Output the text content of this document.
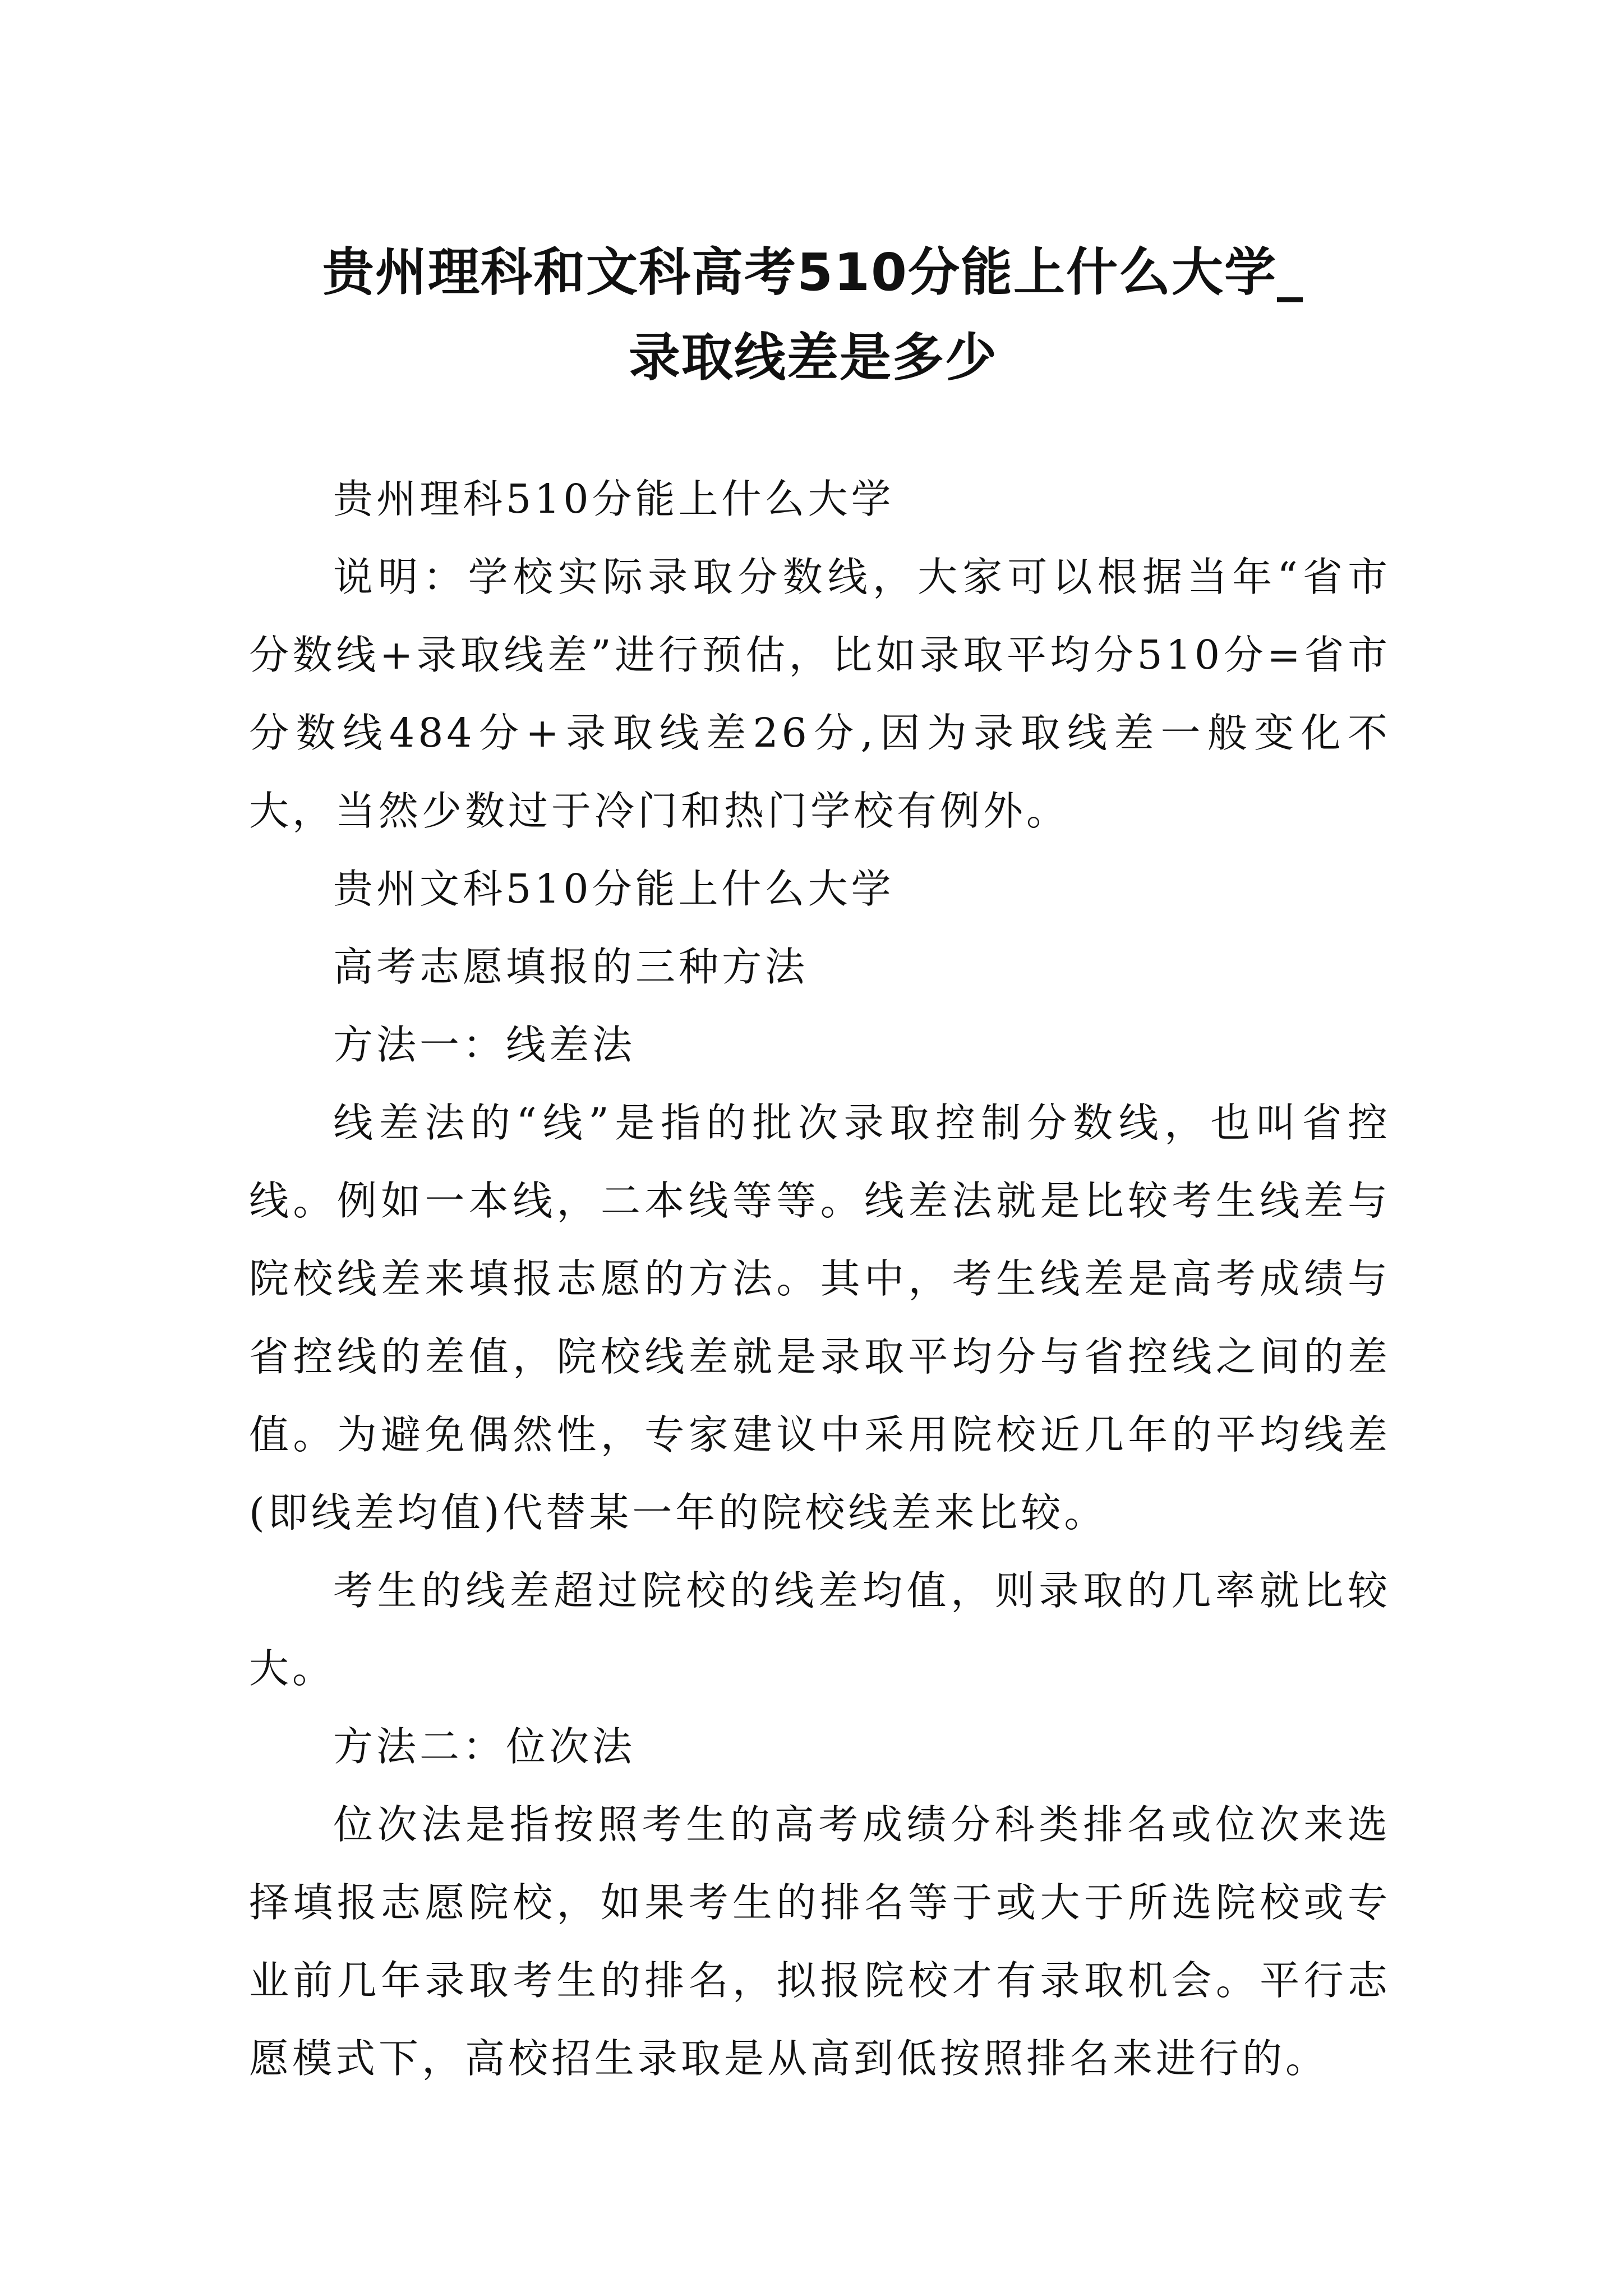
贵州理科和文科高考510分能上什么大学_
录取线差是多少

贵州理科510分能上什么大学

说明：学校实际录取分数线，大家可以根据当年“省市分数线+录取线差”进行预估，比如录取平均分510分=省市分数线484分+录取线差26分,因为录取线差一般变化不大，当然少数过于冷门和热门学校有例外。

贵州文科510分能上什么大学

高考志愿填报的三种方法

方法一：线差法

线差法的“线”是指的批次录取控制分数线，也叫省控线。例如一本线，二本线等等。线差法就是比较考生线差与院校线差来填报志愿的方法。其中，考生线差是高考成绩与省控线的差值，院校线差就是录取平均分与省控线之间的差值。为避免偶然性，专家建议中采用院校近几年的平均线差(即线差均值)代替某一年的院校线差来比较。

考生的线差超过院校的线差均值，则录取的几率就比较大。

方法二：位次法

位次法是指按照考生的高考成绩分科类排名或位次来选择填报志愿院校，如果考生的排名等于或大于所选院校或专业前几年录取考生的排名，拟报院校才有录取机会。平行志愿模式下，高校招生录取是从高到低按照排名来进行的。
